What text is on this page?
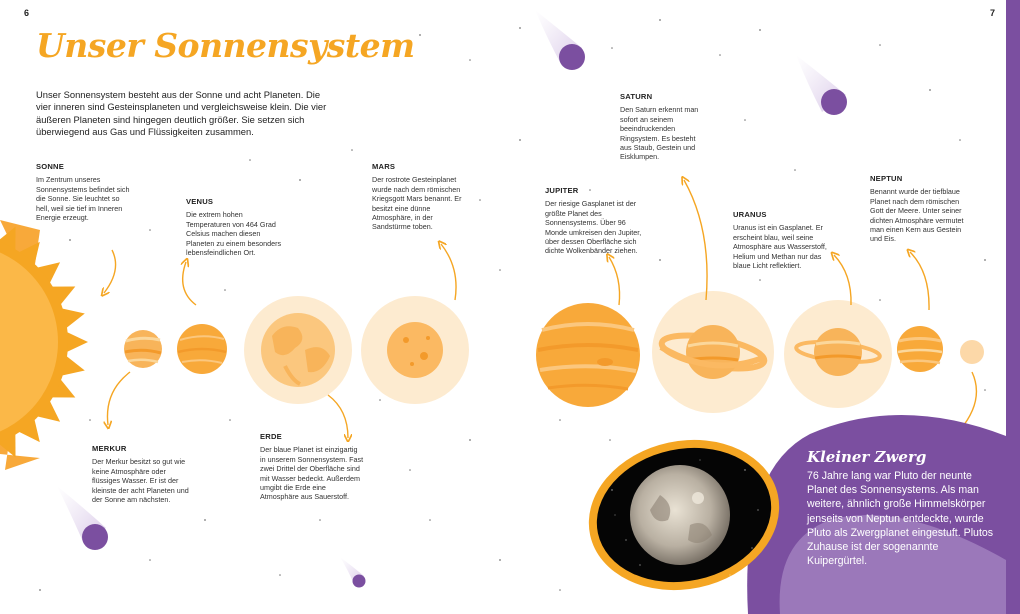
6	7
Unser Sonnensystem
Unser Sonnensystem besteht aus der Sonne und acht Planeten. Die vier inneren sind Gesteinsplaneten und vergleichsweise klein. Die vier äußeren Planeten sind hingegen deutlich größer. Sie setzen sich überwiegend aus Gas und Flüssigkeiten zusammen.
SONNE
Im Zentrum unseres Sonnensystems befindet sich die Sonne. Sie leuchtet so hell, weil sie tief im Inneren Energie erzeugt.
MERKUR
Der Merkur besitzt so gut wie keine Atmosphäre oder flüssiges Wasser. Er ist der kleinste der acht Planeten und der Sonne am nächsten.
VENUS
Die extrem hohen Temperaturen von 464 Grad Celsius machen diesen Planeten zu einem besonders lebensfeindlichen Ort.
ERDE
Der blaue Planet ist einzigartig in unserem Sonnensystem. Fast zwei Drittel der Oberfläche sind mit Wasser bedeckt. Außerdem umgibt die Erde eine Atmosphäre aus Sauerstoff.
MARS
Der rostrote Gesteinplanet wurde nach dem römischen Kriegsgott Mars benannt. Er besitzt eine dünne Atmosphäre, in der Sandstürme toben.
JUPITER
Der riesige Gasplanet ist der größte Planet des Sonnensystems. Über 96 Monde umkreisen den Jupiter, über dessen Oberfläche sich dichte Wolkenbänder ziehen.
SATURN
Den Saturn erkennt man sofort an seinem beeindruckenden Ringsystem. Es besteht aus Staub, Gestein und Eisklumpen.
URANUS
Uranus ist ein Gasplanet. Er erscheint blau, weil seine Atmosphäre aus Wasserstoff, Helium und Methan nur das blaue Licht reflektiert.
NEPTUN
Benannt wurde der tiefblaue Planet nach dem römischen Gott der Meere. Unter seiner dichten Atmosphäre vermutet man einen Kern aus Gestein und Eis.
Kleiner Zwerg
76 Jahre lang war Pluto der neunte Planet des Sonnensystems. Als man weitere, ähnlich große Himmelskörper jenseits von Neptun entdeckte, wurde Pluto als Zwergplanet eingestuft. Plutos Zuhause ist der sogenannte Kuipergürtel.
